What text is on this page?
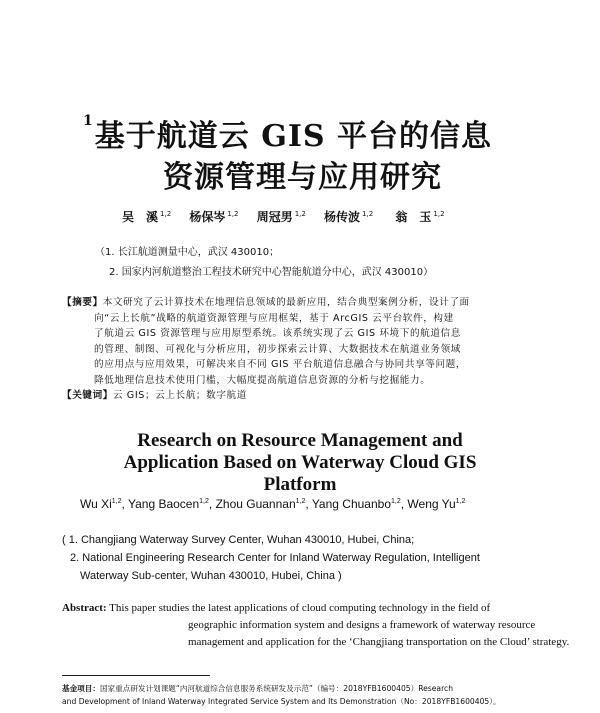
$^1$基于航道云 GIS 平台的信息
资源管理与应用研究
吴　溪 $^{1,2}$ 杨保岑 $^{1,2}$ 周冠男 $^{1,2}$ 杨传波 $^{1,2}$ 翁　玉 $^{1,2}$
（1. 长江航道测量中心，武汉 430010；
2. 国家内河航道整治工程技术研究中心智能航道分中心，武汉 430010）
【摘要】本文研究了云计算技术在地理信息领域的最新应用，结合典型案例分析，设计了面
向“云上长航”战略的航道资源管理与应用框架，基于 ArcGIS 云平台软件，构建
了航道云 GIS 资源管理与应用原型系统。该系统实现了云 GIS 环境下的航道信息
的管理、制图、可视化与分析应用，初步探索云计算、大数据技术在航道业务领域
的应用点与应用效果，可解决来自不同 GIS 平台航道信息融合与协同共享等问题，
降低地理信息技术使用门槛，大幅度提高航道信息资源的分析与挖掘能力。
【关键词】云 GIS；云上长航；数字航道
Research on Resource Management and
Application Based on Waterway Cloud GIS
Platform
Wu Xi$^{1,2}$, Yang Baocen$^{1,2}$, Zhou Guannan$^{1,2}$, Yang Chuanbo$^{1,2}$, Weng Yu$^{1,2}$
( 1. Changjiang Waterway Survey Center, Wuhan 430010, Hubei, China;
2. National Engineering Research Center for Inland Waterway Regulation, Intelligent
Waterway Sub-center, Wuhan 430010, Hubei, China )
Abstract: This paper studies the latest applications of cloud computing technology in the field of
geographic information system and designs a framework of waterway resource
management and application for the ‘Changjiang transportation on the Cloud’ strategy.
基金项目：国家重点研发计划课题“内河航道综合信息服务系统研发及示范”（编号：2018YFB1600405）Research
and Development of Inland Waterway Integrated Service System and Its Demonstration（No：2018YFB1600405）。
